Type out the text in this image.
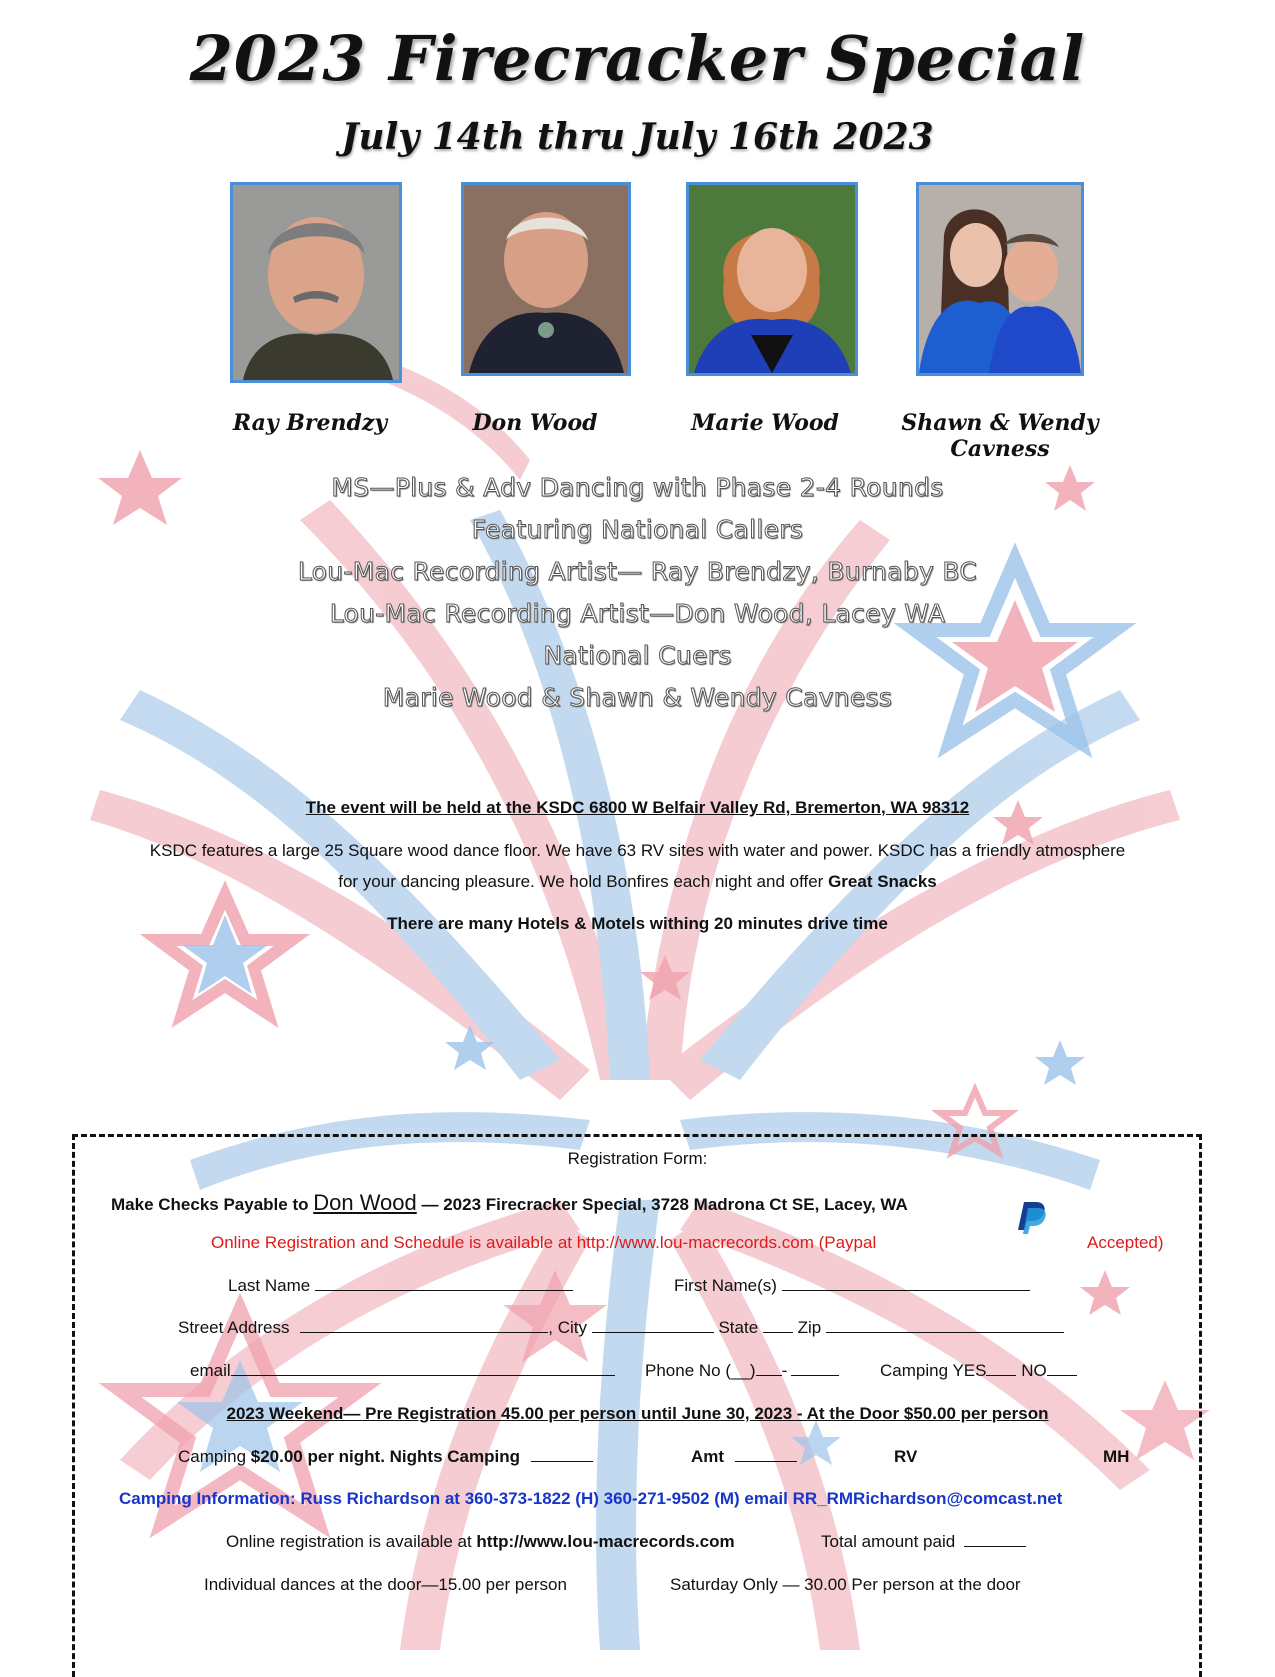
2023 Firecracker Special
July 14th thru July 16th 2023
Ray Brendzy	Don Wood	Marie Wood	Shawn & Wendy Cavness
MS—Plus & Adv Dancing with Phase 2-4 Rounds
Featuring National Callers
Lou-Mac Recording Artist— Ray Brendzy, Burnaby BC
Lou-Mac Recording Artist—Don Wood, Lacey WA
National Cuers
Marie Wood & Shawn & Wendy Cavness
The event will be held at the KSDC 6800 W Belfair Valley Rd, Bremerton, WA 98312
KSDC features a large 25 Square wood dance floor. We have 63 RV sites with water and power. KSDC has a friendly atmosphere
for your dancing pleasure. We hold Bonfires each night and offer Great Snacks
There are many Hotels & Motels withing 20 minutes drive time
Registration Form:
Make Checks Payable to Don Wood — 2023 Firecracker Special, 3728 Madrona Ct SE, Lacey, WA
Online Registration and Schedule is available at http://www.lou-macrecords.com (Paypal	Accepted)
Last Name	First Name(s)
Street Address	, City	State Zip
email	Phone No (__) -	Camping YES NO
2023 Weekend— Pre Registration 45.00 per person until June 30, 2023 - At the Door $50.00 per person
Camping $20.00 per night. Nights Camping	Amt	RV	MH
Camping Information: Russ Richardson at 360-373-1822 (H) 360-271-9502 (M) email RR_RMRichardson@comcast.net
Online registration is available at http://www.lou-macrecords.com	Total amount paid
Individual dances at the door—15.00 per person	Saturday Only — 30.00 Per person at the door
